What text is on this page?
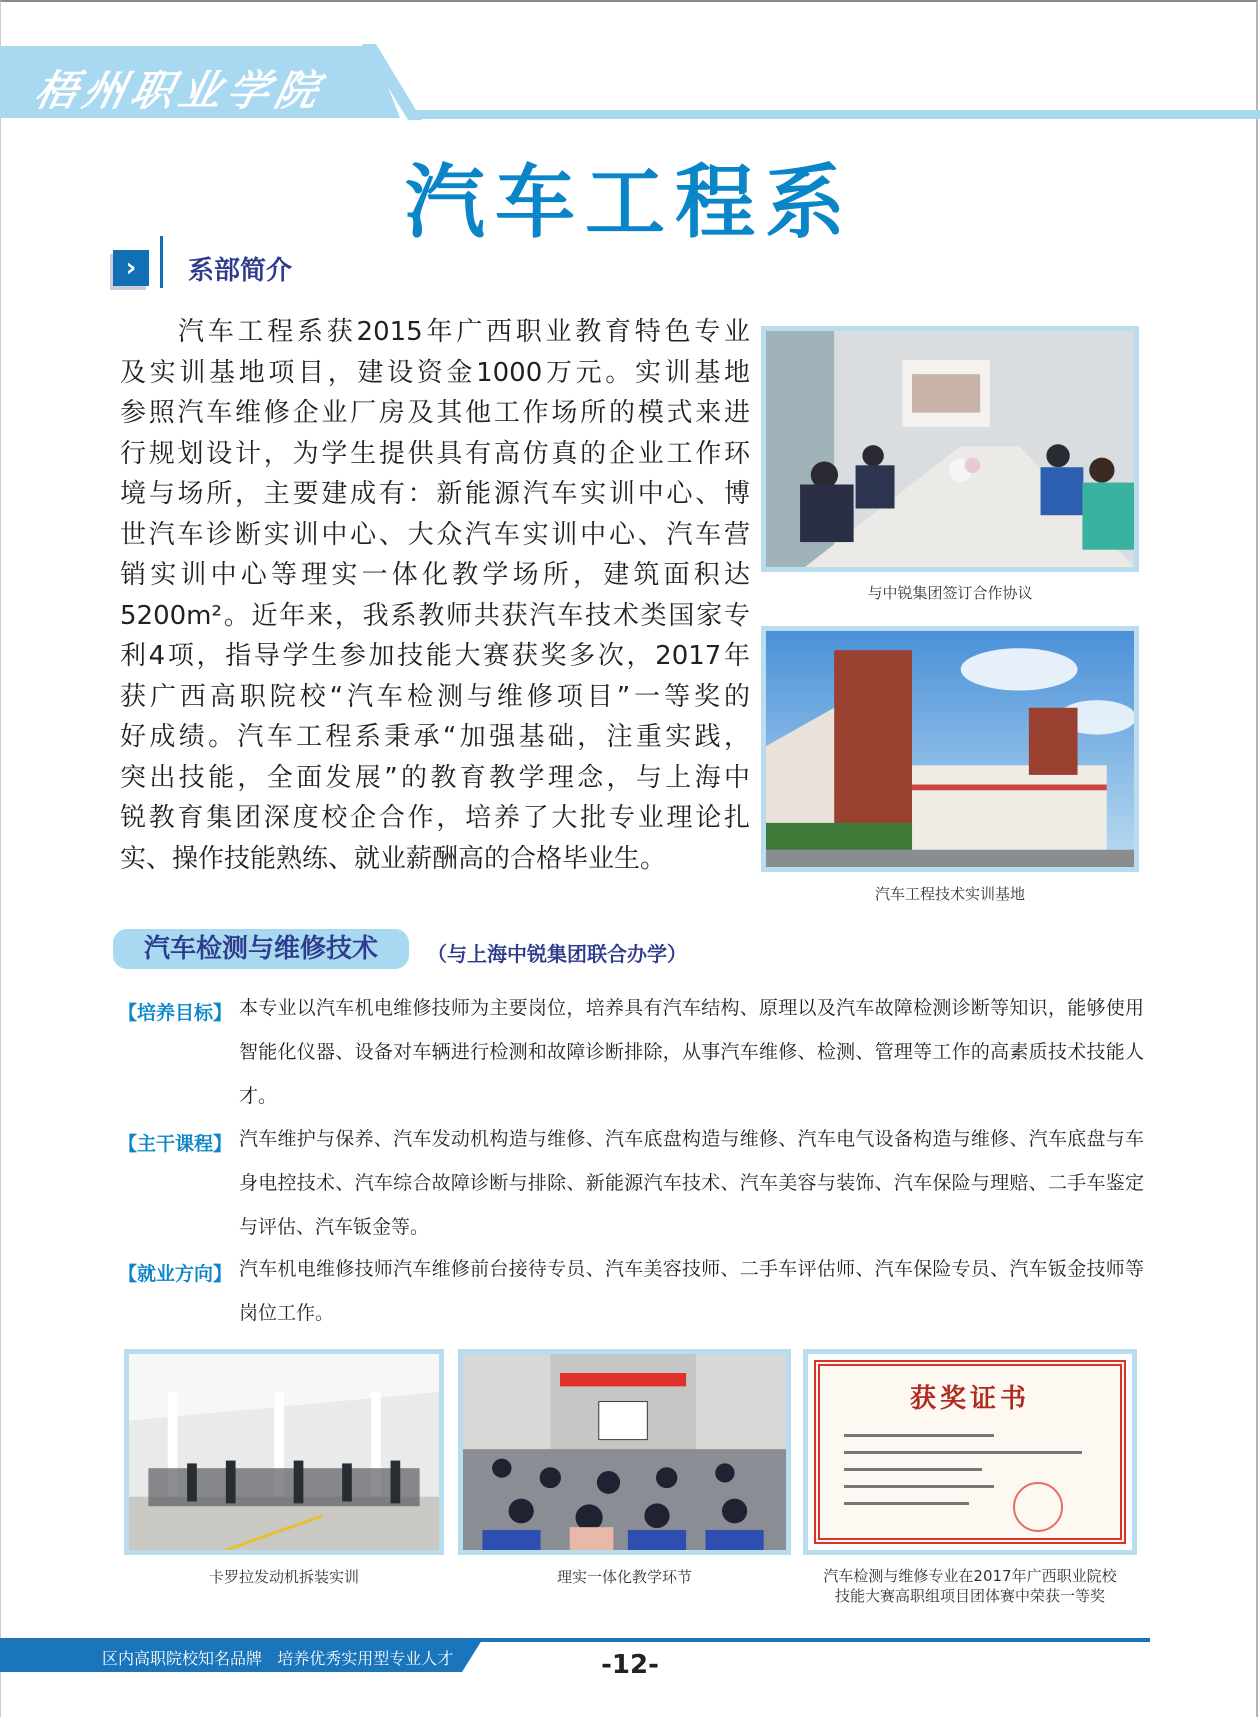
梧州职业学院
汽车工程系
›	系部简介
汽车工程系获2015年广西职业教育特色专业
及实训基地项目，建设资金1000万元。实训基地
参照汽车维修企业厂房及其他工作场所的模式来进
行规划设计，为学生提供具有高仿真的企业工作环
境与场所，主要建成有：新能源汽车实训中心、博
世汽车诊断实训中心、大众汽车实训中心、汽车营
销实训中心等理实一体化教学场所，建筑面积达
5200m²。近年来，我系教师共获汽车技术类国家专
利4项，指导学生参加技能大赛获奖多次，2017年
获广西高职院校“汽车检测与维修项目”一等奖的
好成绩。汽车工程系秉承“加强基础，注重实践，
突出技能，全面发展”的教育教学理念，与上海中
锐教育集团深度校企合作，培养了大批专业理论扎
实、操作技能熟练、就业薪酬高的合格毕业生。
与中锐集团签订合作协议
汽车工程技术实训基地
汽车检测与维修技术	（与上海中锐集团联合办学）
【培养目标】 本专业以汽车机电维修技师为主要岗位，培养具有汽车结构、原理以及汽车故障检测诊断等知识，能够使用智能化仪器、设备对车辆进行检测和故障诊断排除，从事汽车维修、检测、管理等工作的高素质技术技能人才。
【主干课程】 汽车维护与保养、汽车发动机构造与维修、汽车底盘构造与维修、汽车电气设备构造与维修、汽车底盘与车身电控技术、汽车综合故障诊断与排除、新能源汽车技术、汽车美容与装饰、汽车保险与理赔、二手车鉴定与评估、汽车钣金等。
【就业方向】 汽车机电维修技师汽车维修前台接待专员、汽车美容技师、二手车评估师、汽车保险专员、汽车钣金技师等岗位工作。
卡罗拉发动机拆装实训	理实一体化教学环节
获奖证书
汽车检测与维修专业在2017年广西职业院校
技能大赛高职组项目团体赛中荣获一等奖
区内高职院校知名品牌   培养优秀实用型专业人才	-12-
